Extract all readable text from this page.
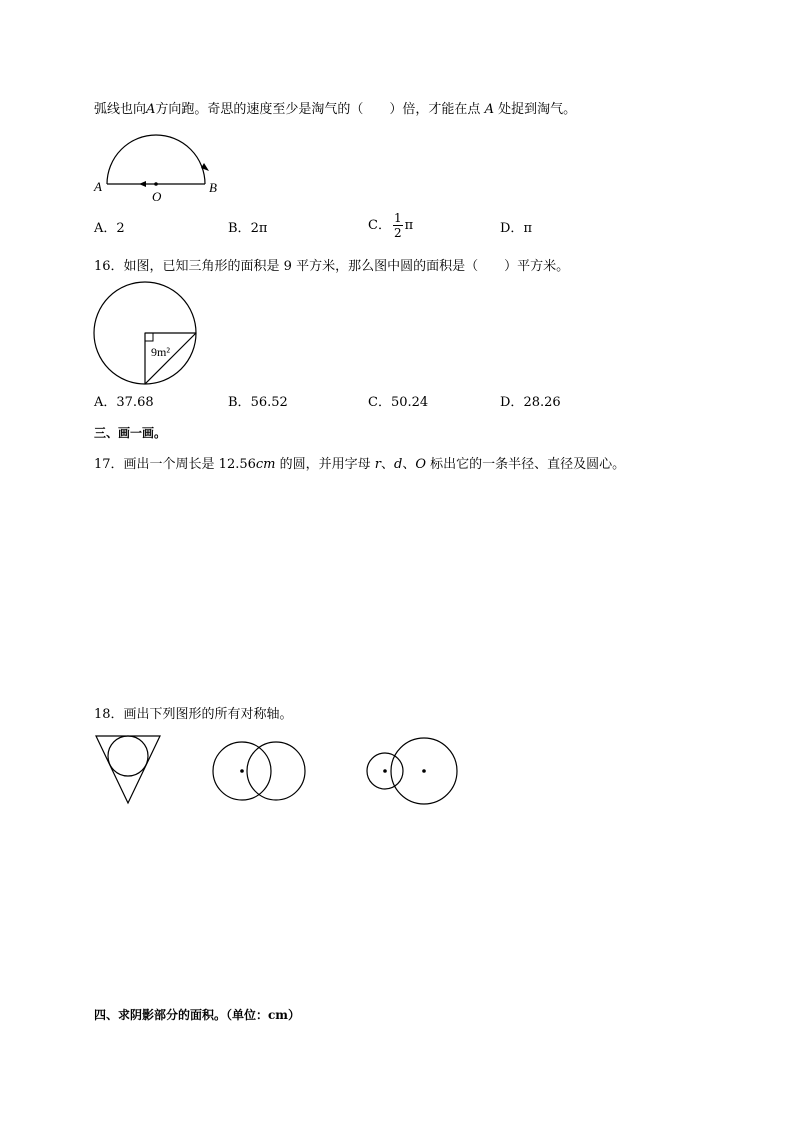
弧线也向A方向跑。奇思的速度至少是淘气的（　　）倍，才能在点 A 处捉到淘气。
A	B
O
A．2	B．2π	C． $\frac{1}{2}$ π	D．π
16．如图，已知三角形的面积是 9 平方米，那么图中圆的面积是（　　）平方米。
9m²
A．37.68	B．56.52	C．50.24	D．28.26
三、画一画。
17．画出一个周长是 12.56cm 的圆，并用字母 r、d、O 标出它的一条半径、直径及圆心。
18．画出下列图形的所有对称轴。
四、求阴影部分的面积。（单位：cm）
